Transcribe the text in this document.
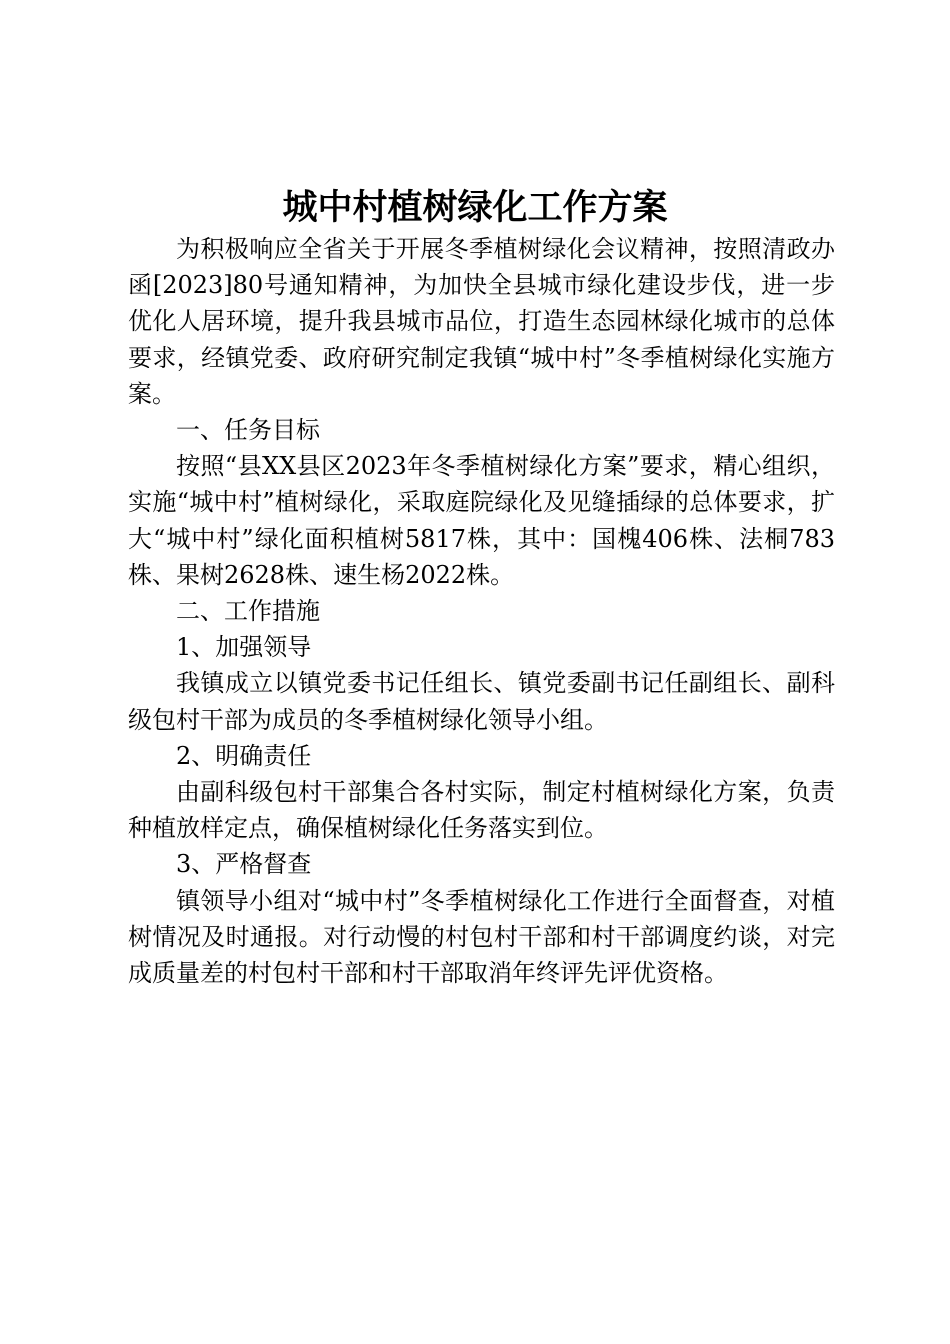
城中村植树绿化工作方案

为积极响应全省关于开展冬季植树绿化会议精神，按照清政办函[2023]80号通知精神，为加快全县城市绿化建设步伐，进一步优化人居环境，提升我县城市品位，打造生态园林绿化城市的总体要求，经镇党委、政府研究制定我镇“城中村”冬季植树绿化实施方案。

一、任务目标

按照“县XX县区2023年冬季植树绿化方案”要求，精心组织，实施“城中村”植树绿化，采取庭院绿化及见缝插绿的总体要求，扩大“城中村”绿化面积植树5817株，其中：国槐406株、法桐783株、果树2628株、速生杨2022株。

二、工作措施

1、加强领导

我镇成立以镇党委书记任组长、镇党委副书记任副组长、副科级包村干部为成员的冬季植树绿化领导小组。

2、明确责任

由副科级包村干部集合各村实际，制定村植树绿化方案，负责种植放样定点，确保植树绿化任务落实到位。

3、严格督查

镇领导小组对“城中村”冬季植树绿化工作进行全面督查，对植树情况及时通报。对行动慢的村包村干部和村干部调度约谈，对完成质量差的村包村干部和村干部取消年终评先评优资格。
